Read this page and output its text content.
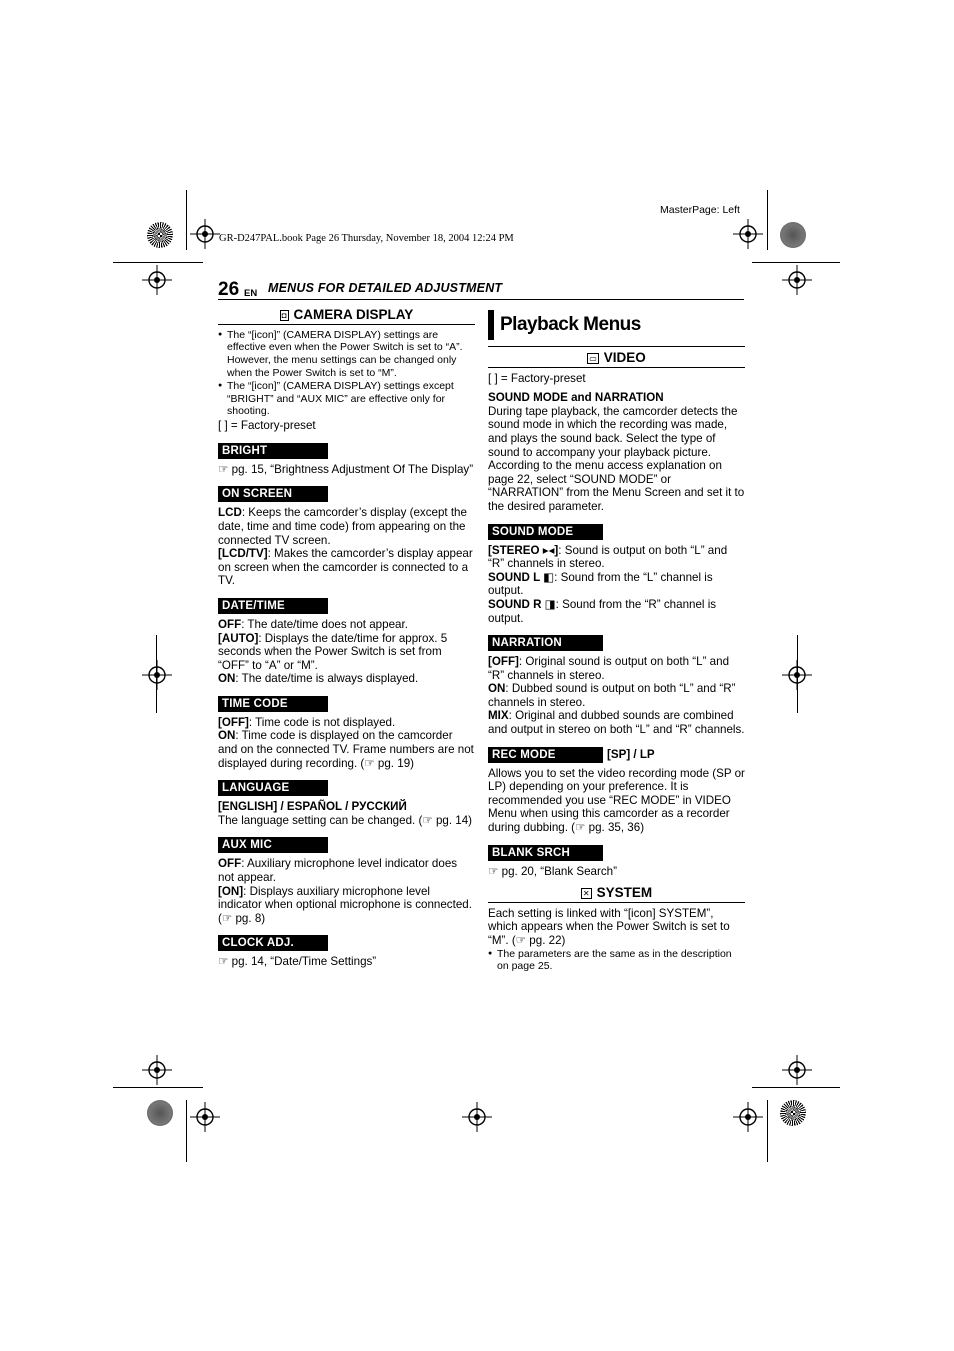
MasterPage: Left
GR-D247PAL.book Page 26 Thursday, November 18, 2004 12:24 PM
26 EN MENUS FOR DETAILED ADJUSTMENT

◘ CAMERA DISPLAY

● The “[icon]” (CAMERA DISPLAY) settings are effective even when the Power Switch is set to “A”. However, the menu settings can be changed only when the Power Switch is set to “M”.

● The “[icon]” (CAMERA DISPLAY) settings except “BRIGHT” and “AUX MIC” are effective only for shooting.

[ ] = Factory-preset

BRIGHT

☞ pg. 15, “Brightness Adjustment Of The Display”

ON SCREEN

LCD: Keeps the camcorder’s display (except the date, time and time code) from appearing on the connected TV screen.

[LCD/TV]: Makes the camcorder’s display appear on screen when the camcorder is connected to a TV.

DATE/TIME

OFF: The date/time does not appear.

[AUTO]: Displays the date/time for approx. 5 seconds when the Power Switch is set from “OFF” to “A” or “M”.

ON: The date/time is always displayed.

TIME CODE

[OFF]: Time code is not displayed.

ON: Time code is displayed on the camcorder and on the connected TV. Frame numbers are not displayed during recording. (☞ pg. 19)

LANGUAGE

[ENGLISH] / ESPAÑOL / РУССКИЙ

The language setting can be changed. (☞ pg. 14)

AUX MIC

OFF: Auxiliary microphone level indicator does not appear.

[ON]: Displays auxiliary microphone level indicator when optional microphone is connected. (☞ pg. 8)

CLOCK ADJ.

☞ pg. 14, “Date/Time Settings”

Playback Menus

▭ VIDEO

[ ] = Factory-preset

SOUND MODE and NARRATION

During tape playback, the camcorder detects the sound mode in which the recording was made, and plays the sound back. Select the type of sound to accompany your playback picture. According to the menu access explanation on page 22, select “SOUND MODE” or “NARRATION” from the Menu Screen and set it to the desired parameter.

SOUND MODE

[STEREO ▸◂]: Sound is output on both “L” and “R” channels in stereo.

SOUND L ◧: Sound from the “L” channel is output.

SOUND R ◨: Sound from the “R” channel is output.

NARRATION

[OFF]: Original sound is output on both “L” and “R” channels in stereo.

ON: Dubbed sound is output on both “L” and “R” channels in stereo.

MIX: Original and dubbed sounds are combined and output in stereo on both “L” and “R” channels.

REC MODE	[SP] / LP

Allows you to set the video recording mode (SP or LP) depending on your preference. It is recommended you use “REC MODE” in VIDEO Menu when using this camcorder as a recorder during dubbing. (☞ pg. 35, 36)

BLANK SRCH

☞ pg. 20, “Blank Search”

✕ SYSTEM

Each setting is linked with “[icon] SYSTEM”, which appears when the Power Switch is set to “M”. (☞ pg. 22)

● The parameters are the same as in the description on page 25.
